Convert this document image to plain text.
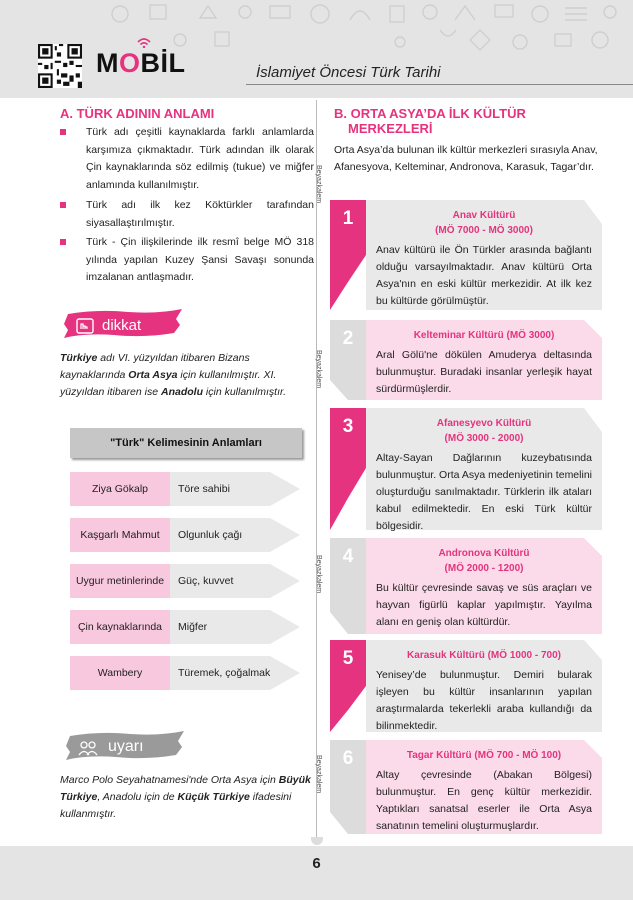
MOBİL	İslamiyet Öncesi Türk Tarihi
A. TÜRK ADININ ANLAMI
Türk adı çeşitli kaynaklarda farklı anlamlarda karşımıza çıkmaktadır. Türk adından ilk olarak Çin kaynaklarında söz edilmiş (tukue) ve miğfer anlamında kullanılmıştır.
Türk adı ilk kez Köktürkler tarafından siyasallaştırılmıştır.
Türk - Çin ilişkilerinde ilk resmî belge MÖ 318 yılında yapılan Kuzey Şansi Savaşı sonunda imzalanan antlaşmadır.
dikkat
Türkiye adı VI. yüzyıldan itibaren Bizans kaynaklarında Orta Asya için kullanılmıştır. XI. yüzyıldan itibaren ise Anadolu için kullanılmıştır.
"Türk" Kelimesinin Anlamları
Ziya Gökalp	Töre sahibi
Kaşgarlı Mahmut	Olgunluk çağı
Uygur metinlerinde	Güç, kuvvet
Çin kaynaklarında	Miğfer
Wambery	Türemek, çoğalmak
uyarı
Marco Polo Seyahatnamesi'nde Orta Asya için Büyük Türkiye, Anadolu için de Küçük Türkiye ifadesini kullanmıştır.
Beyazkalem
Beyazkalem
Beyazkalem
Beyazkalem
B. ORTA ASYA’DA İLK KÜLTÜR
MERKEZLERİ
Orta Asya’da bulunan ilk kültür merkezleri sırasıyla Anav, Afanesyova, Kelteminar, Andronova, Karasuk, Tagar’dır.
1	Anav Kültürü
(MÖ 7000 - MÖ 3000)
Anav kültürü ile Ön Türkler arasında bağlantı olduğu varsayılmaktadır. Anav kültürü Orta Asya'nın en eski kültür merkezidir. At ilk kez bu kültürde görülmüştür.
2	Kelteminar Kültürü (MÖ 3000)
Aral Gölü'ne dökülen Amuderya deltasında bulunmuştur. Buradaki insanlar yerleşik hayat sürdürmüşlerdir.
3	Afanesyevo Kültürü
(MÖ 3000 - 2000)
Altay-Sayan Dağlarının kuzeybatısında bulunmuştur. Orta Asya medeniyetinin temelini oluşturduğu sanılmaktadır. Türklerin ilk ataları kabul edilmektedir. En eski Türk kültür bölgesidir.
4	Andronova Kültürü
(MÖ 2000 - 1200)
Bu kültür çevresinde savaş ve süs araçları ve hayvan figürlü kaplar yapılmıştır. Yayılma alanı en geniş olan kültürdür.
5	Karasuk Kültürü (MÖ 1000 - 700)
Yenisey’de bulunmuştur. Demiri bularak işleyen bu kültür insanlarının yapılan araştırmalarda tekerlekli araba kullandığı da bilinmektedir.
6	Tagar Kültürü (MÖ 700 - MÖ 100)
Altay çevresinde (Abakan Bölgesi) bulunmuştur. En genç kültür merkezidir. Yaptıkları sanatsal eserler ile Orta Asya sanatının temelini oluşturmuşlardır.
6
